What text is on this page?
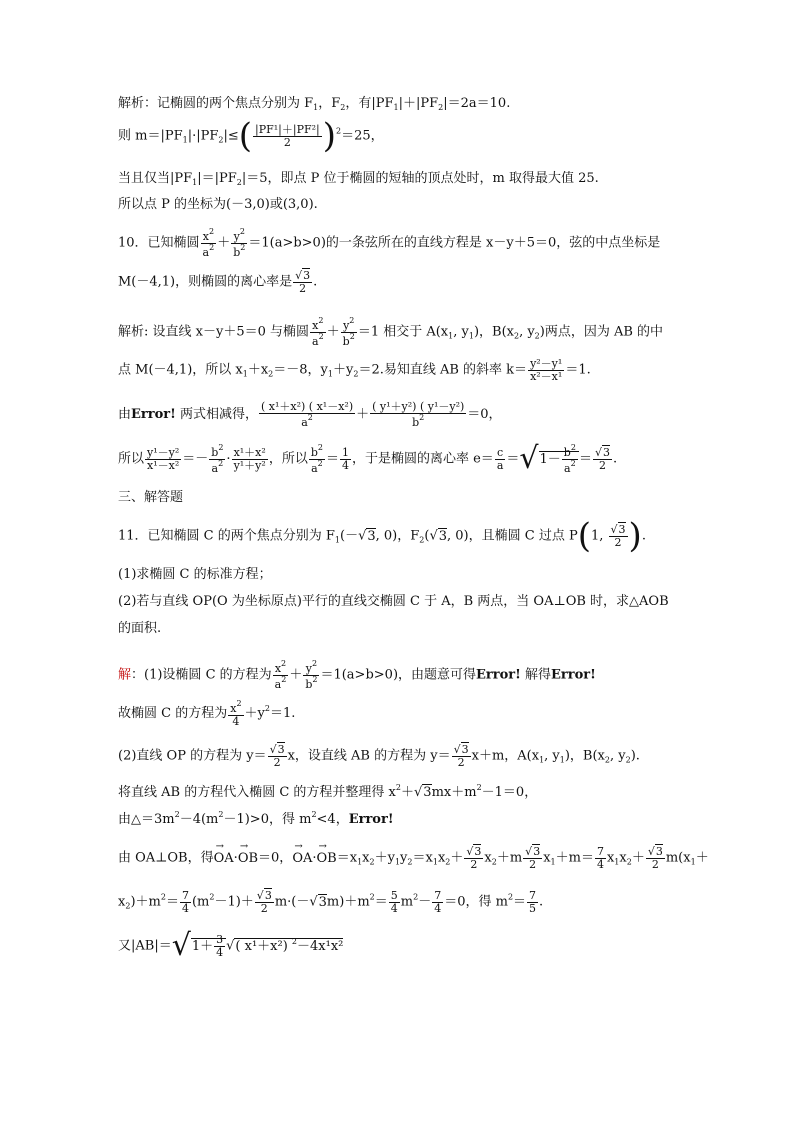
解析：记椭圆的两个焦点分别为 $F_1$，$F_2$，有$|PF_1|+|PF_2|=2a=10$.
则 $m=|PF_1|\cdot|PF_2|\le( \frac{\text{|PF¹|＋|PF²|}}{2} )^2=25$，
当且仅当$|PF_1|=|PF_2|=5$，即点 P 位于椭圆的短轴的顶点处时，m 取得最大值 25.
所以点 P 的坐标为(－3,0)或(3,0).
10．已知椭圆 $\frac{x^2}{a^2} + \frac{y^2}{b^2} =1(a>b>0)$的一条弦所在的直线方程是 x－y＋5＝0，弦的中点坐标是
M(－4,1)，则椭圆的离心率是 $\frac{√3}{2}$ .
解析: 设直线 x－y＋5＝0 与椭圆 $\frac{x^2}{a^2} + \frac{y^2}{b^2} =1$ 相交于 $A(x_1$, $y_1$)，$B(x_2$, $y_2$)两点，因为 AB 的中
点 M(－4,1)，所以 $x_1+x_2=-8$，$y_1+y_2=2$.易知直线 AB 的斜率 $k= \frac{\text{y²－y¹}}{\text{x²－x¹}} =1$.
由Error! 两式相减得， $\frac{\text{( x¹＋x²) ( x¹－x²)}}{a^2} + \frac{\text{( y¹＋y²) ( y¹－y²)}}{b^2} =0$，
所以 $\frac{\text{y¹－y²}}{\text{x¹－x²}} =- \frac{b^2}{a^2} \cdot \frac{\text{x¹＋x²}}{\text{y¹＋y²}}$ ，所以 $\frac{b^2}{a^2} = \frac{1}{4}$ ，于是椭圆的离心率 $e= \frac{c}{a} =√1- \frac{b^2}{a^2} = \frac{√3}{2}$ .
三、解答题
11．已知椭圆 C 的两个焦点分别为 $F_1(-√3$, 0)，$F_2(√3$, 0)，且椭圆 C 过点 P(1, $\frac{√3}{2}$ ).
(1)求椭圆 C 的标准方程；
(2)若与直线 OP(O 为坐标原点)平行的直线交椭圆 C 于 A，B 两点，当 OA⊥OB 时，求△AOB
的面积.
解：(1)设椭圆 C 的方程为 $\frac{x^2}{a^2} + \frac{y^2}{b^2} =1(a>b>0)$，由题意可得Error! 解得Error!
故椭圆 C 的方程为 $\frac{x^2}{4} +y^2=1$.
(2)直线 OP 的方程为 $y= \frac{√3}{2}$ x，设直线 AB 的方程为 $y= \frac{√3}{2} x+m$，$A(x_1$, $y_1$)，$B(x_2$, $y_2$).
将直线 AB 的方程代入椭圆 C 的方程并整理得 $x^2+√3mx+m^2-1=0$，
由$\triangle=3m^2-4(m^2-1)>0$，得 $m^2<4$，Error!
由 OA⊥OB，得→ OA·→ OB＝0，→ $OA\cdot\to OB=x_1x_2+y_1y_2=x_1x_2+ \frac{√3}{2} x_2+m \frac{√3}{2} x_1+m= \frac{7}{4} x_1x_2+ \frac{√3}{2} m(x_1+$
$x_2)+m^2= \frac{7}{4} (m^2-1)+ \frac{√3}{2} m\cdot(-√3m)+m^2= \frac{5}{4} m^2- \frac{7}{4} =0$，得 $m^2= \frac{7}{5}$ .
又$|AB|=√1+ \frac{3}{4}$ √( x¹＋x²) $^2$－4x¹x²
